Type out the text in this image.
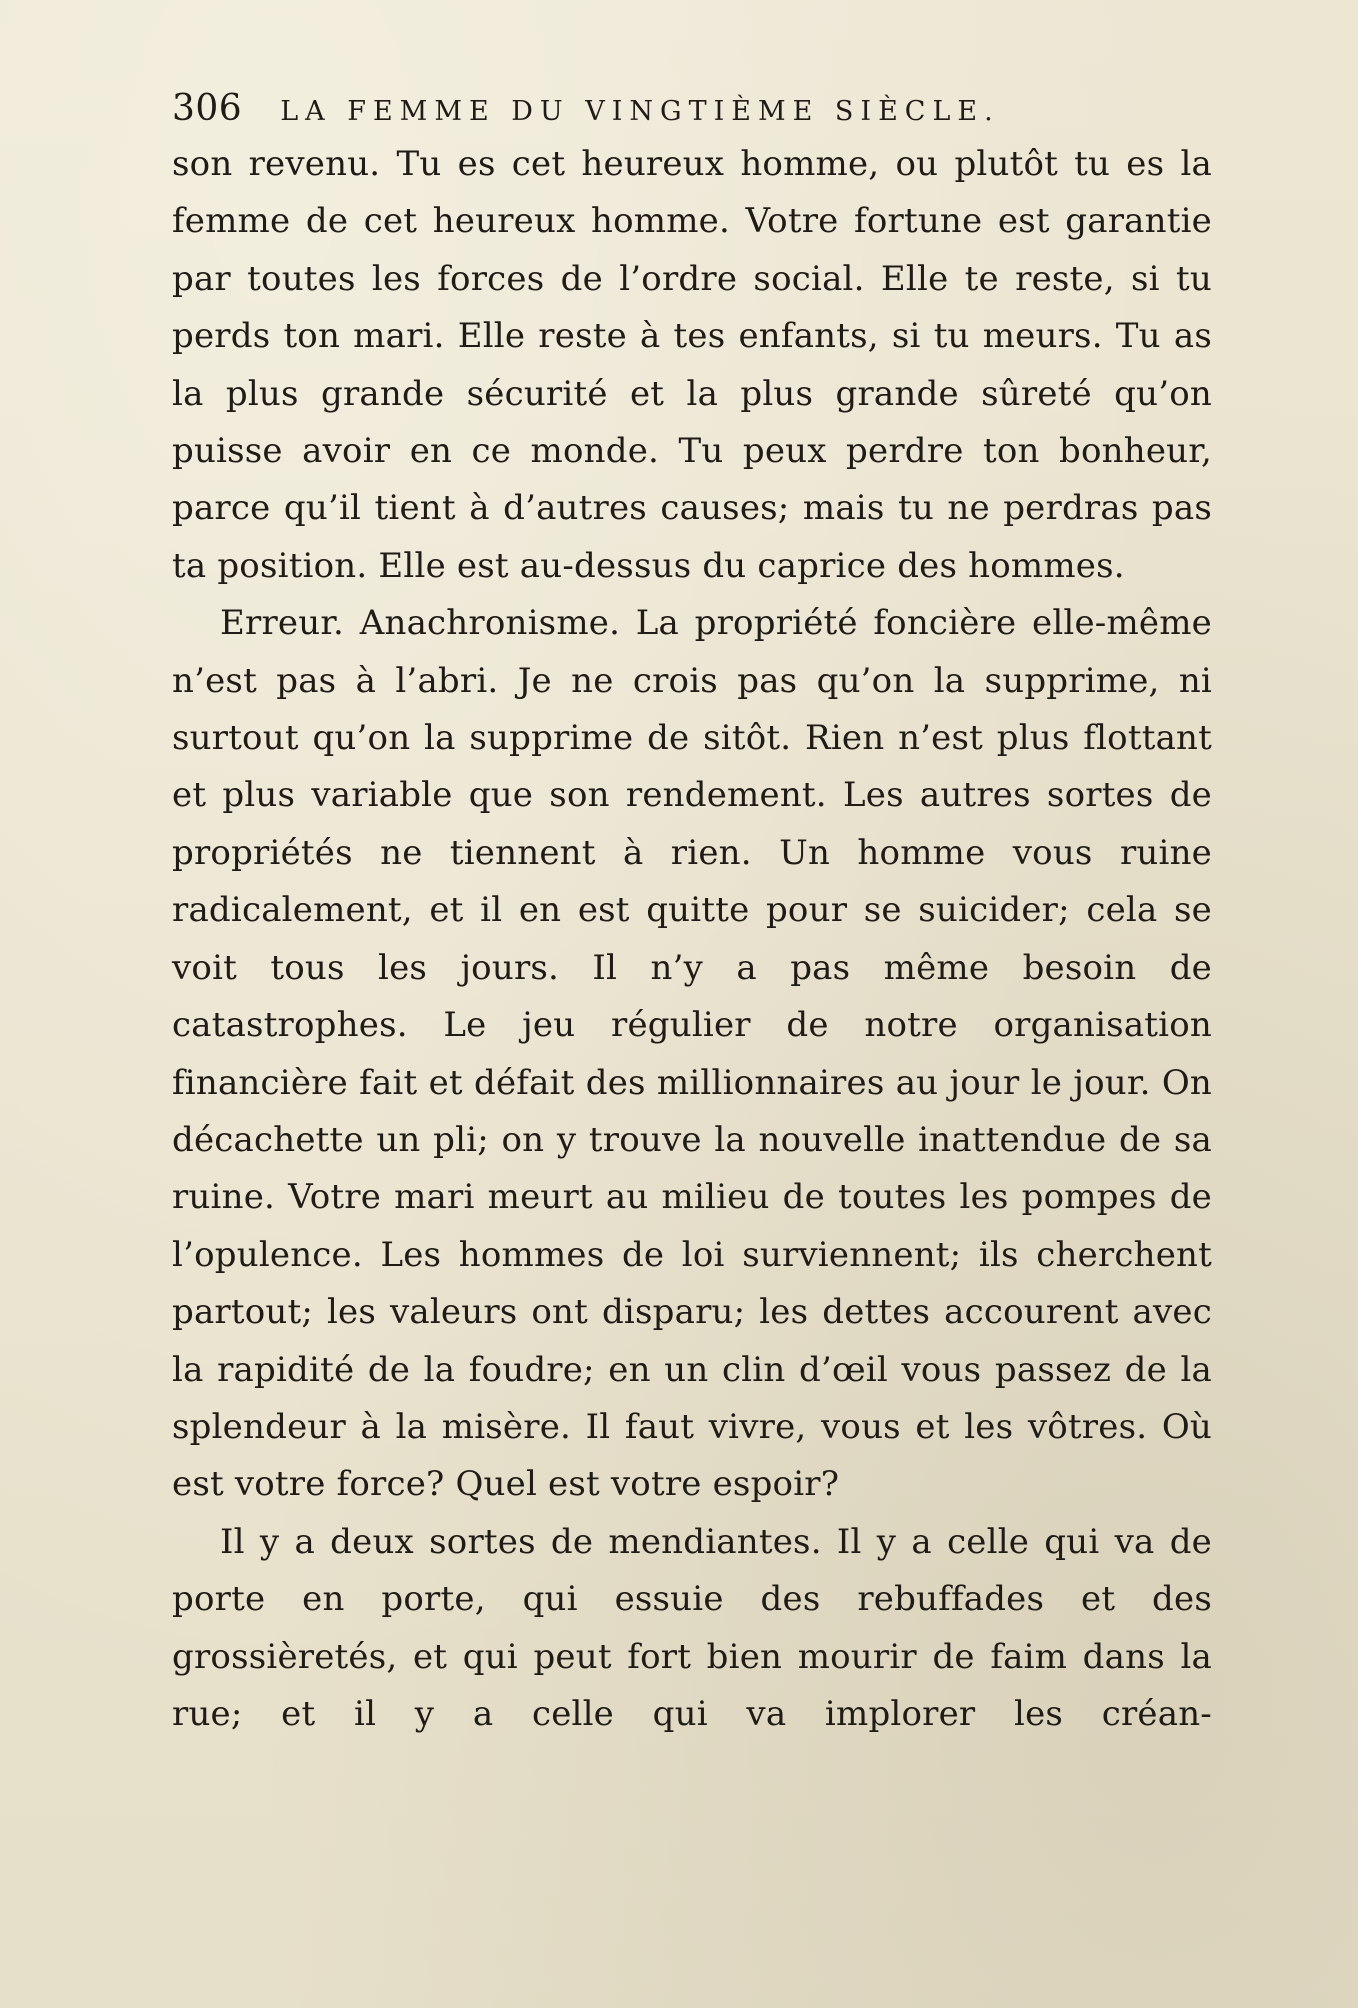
306 LA FEMME DU VINGTIÈME SIÈCLE.

son revenu. Tu es cet heureux homme, ou plutôt tu es la femme de cet heureux homme. Votre fortune est garantie par toutes les forces de l’ordre social. Elle te reste, si tu perds ton mari. Elle reste à tes enfants, si tu meurs. Tu as la plus grande sécurité et la plus grande sûreté qu’on puisse avoir en ce monde. Tu peux perdre ton bonheur, parce qu’il tient à d’autres causes; mais tu ne perdras pas ta position. Elle est au-dessus du caprice des hommes.

Erreur. Anachronisme. La propriété foncière elle-même n’est pas à l’abri. Je ne crois pas qu’on la supprime, ni surtout qu’on la supprime de sitôt. Rien n’est plus flottant et plus variable que son rendement. Les autres sortes de propriétés ne tiennent à rien. Un homme vous ruine radicalement, et il en est quitte pour se suicider; cela se voit tous les jours. Il n’y a pas même besoin de catastrophes. Le jeu régulier de notre organisation financière fait et défait des millionnaires au jour le jour. On décachette un pli; on y trouve la nouvelle inattendue de sa ruine. Votre mari meurt au milieu de toutes les pompes de l’opulence. Les hommes de loi surviennent; ils cherchent partout; les valeurs ont disparu; les dettes accourent avec la rapidité de la foudre; en un clin d’œil vous passez de la splendeur à la misère. Il faut vivre, vous et les vôtres. Où est votre force? Quel est votre espoir?

Il y a deux sortes de mendiantes. Il y a celle qui va de porte en porte, qui essuie des rebuffades et des grossièretés, et qui peut fort bien mourir de faim dans la rue; et il y a celle qui va implorer les créan-
